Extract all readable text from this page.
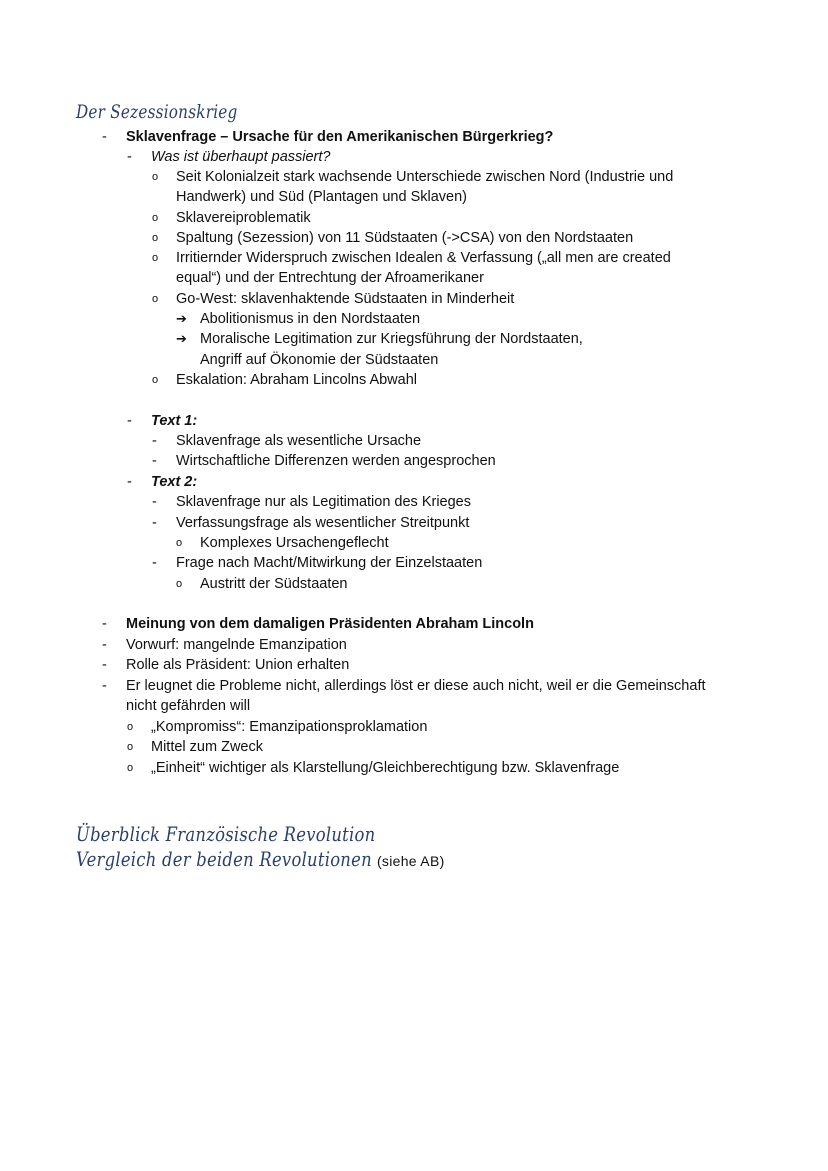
Der Sezessionskrieg
- Sklavenfrage – Ursache für den Amerikanischen Bürgerkrieg?
- Was ist überhaupt passiert?
o Seit Kolonialzeit stark wachsende Unterschiede zwischen Nord (Industrie und
Handwerk) und Süd (Plantagen und Sklaven)
o Sklavereiproblematik
o Spaltung (Sezession) von 11 Südstaaten (->CSA) von den Nordstaaten
o Irritiernder Widerspruch zwischen Idealen & Verfassung („all men are created
equal“) und der Entrechtung der Afroamerikaner
o Go-West: sklavenhaktende Südstaaten in Minderheit
➔ Abolitionismus in den Nordstaaten
➔ Moralische Legitimation zur Kriegsführung der Nordstaaten,
Angriff auf Ökonomie der Südstaaten
o Eskalation: Abraham Lincolns Abwahl
- Text 1:
- Sklavenfrage als wesentliche Ursache
- Wirtschaftliche Differenzen werden angesprochen
- Text 2:
- Sklavenfrage nur als Legitimation des Krieges
- Verfassungsfrage als wesentlicher Streitpunkt
o Komplexes Ursachengeflecht
- Frage nach Macht/Mitwirkung der Einzelstaaten
o Austritt der Südstaaten
- Meinung von dem damaligen Präsidenten Abraham Lincoln
- Vorwurf: mangelnde Emanzipation
- Rolle als Präsident: Union erhalten
- Er leugnet die Probleme nicht, allerdings löst er diese auch nicht, weil er die Gemeinschaft
nicht gefährden will
o „Kompromiss“: Emanzipationsproklamation
o Mittel zum Zweck
o „Einheit“ wichtiger als Klarstellung/Gleichberechtigung bzw. Sklavenfrage
Überblick Französische Revolution
Vergleich der beiden Revolutionen (siehe AB)
